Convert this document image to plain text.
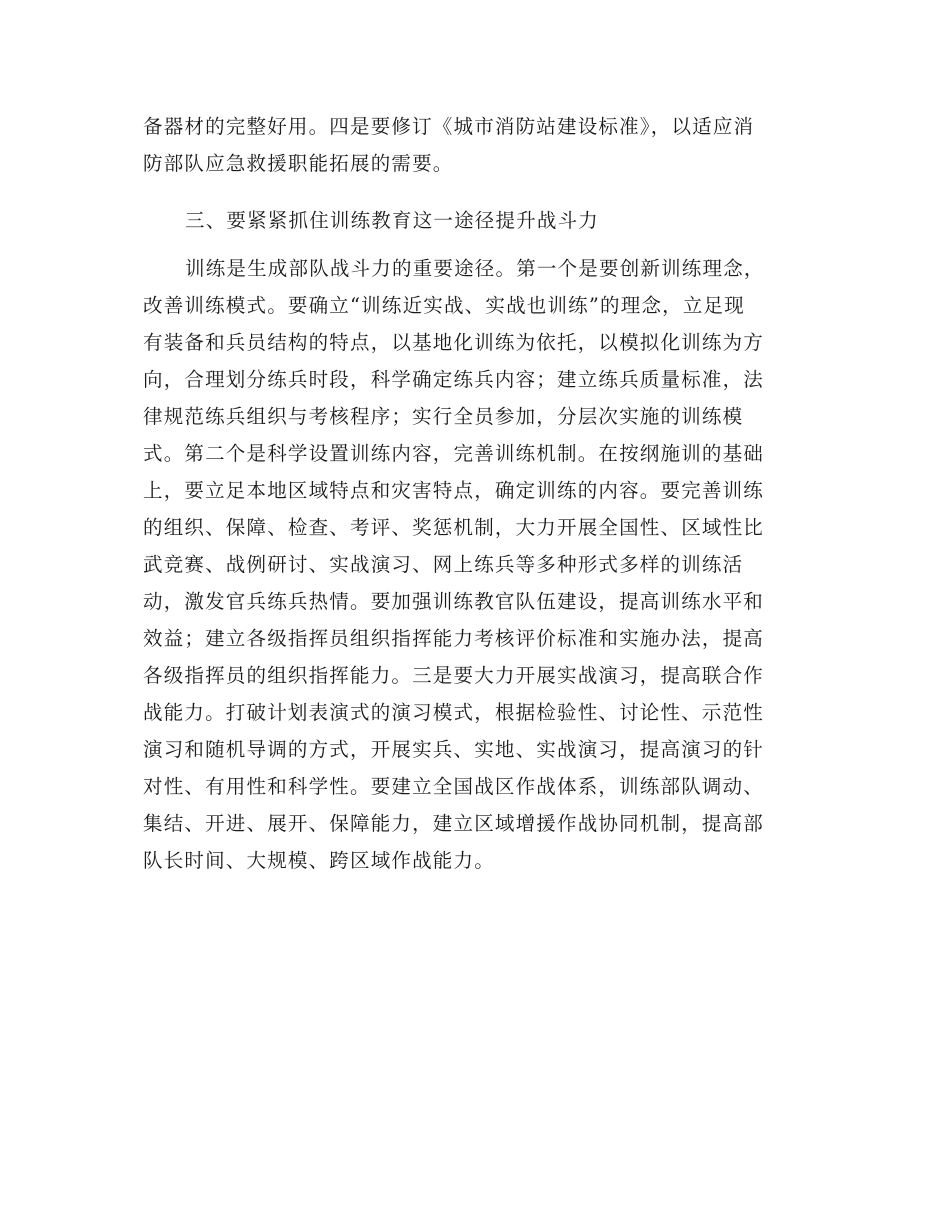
备器材的完整好用。四是要修订《城市消防站建设标准》，以适应消
防部队应急救援职能拓展的需要。
三、要紧紧抓住训练教育这一途径提升战斗力
训练是生成部队战斗力的重要途径。第一个是要创新训练理念，
改善训练模式。要确立“训练近实战、实战也训练”的理念，立足现
有装备和兵员结构的特点，以基地化训练为依托，以模拟化训练为方
向，合理划分练兵时段，科学确定练兵内容；建立练兵质量标准，法
律规范练兵组织与考核程序；实行全员参加，分层次实施的训练模
式。第二个是科学设置训练内容，完善训练机制。在按纲施训的基础
上，要立足本地区域特点和灾害特点，确定训练的内容。要完善训练
的组织、保障、检查、考评、奖惩机制，大力开展全国性、区域性比
武竞赛、战例研讨、实战演习、网上练兵等多种形式多样的训练活
动，激发官兵练兵热情。要加强训练教官队伍建设，提高训练水平和
效益；建立各级指挥员组织指挥能力考核评价标准和实施办法，提高
各级指挥员的组织指挥能力。三是要大力开展实战演习，提高联合作
战能力。打破计划表演式的演习模式，根据检验性、讨论性、示范性
演习和随机导调的方式，开展实兵、实地、实战演习，提高演习的针
对性、有用性和科学性。要建立全国战区作战体系，训练部队调动、
集结、开进、展开、保障能力，建立区域增援作战协同机制，提高部
队长时间、大规模、跨区域作战能力。
